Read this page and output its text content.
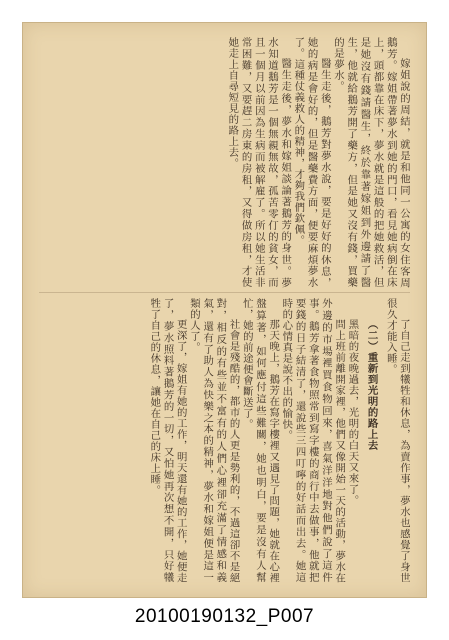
嫁姐說的周結，就是和他同一公寓的女住客周鵝芳。嫁姐帶著夢水到她的門口，看見她病倒在床上，頭都靠在床下，夢水就是這般的把她救活，但是她沒有錢請醫生，終於靠著嫁姐到外邊請了醫生，他就給鵝芳開了藥方，但是她又沒有錢，買藥的是夢水。

醫生走後，鵝芳對夢水說，要是好好的休息，她的病是會好的，但是醫藥費方面，便要麻煩夢水了。這種仗義救人的精神，才夠我們欽佩。

醫生走後，夢水和嫁姐談論著鵝芳的身世。夢水知道鵝芳是一個無親無故，孤苦零仃的貧女，而且一個月以前因為生病而被解雇了。所以她生活非常困難，又要趕二房東的房租，又得做房租，才使她走上自尋短見的路上去。

了自己走到犧牲和休息，為賣作事，夢水也感覺了身世很久才能入睡。

（二）重新到光明的路上去

黑暗的夜晚過去，光明的白天又來了。

問上班前離開家裡，他們又像開始一天的活動，夢水在外邊的市場裡買食物回來，喜氣洋洋地對他們說了這件事。鵝芳拿著食物照常到寫字樓的商行中去做事，他就把要錢的日子結清了，還說些三四叮嚀的好話而出去。她這時的心情真是說不出的愉快。

那天晚上，鵝芳在寫字樓裡又遇見了問題，她就在心裡盤算著，如何應付這些難關，她也明白，要是沒有人幫忙，她的前途便會斷送了。

社會是殘酷的，都市的人更是勢利的，不過這卻不是絕對，相反的有些並不富有的人們心裡卻充滿了情感和義氣，還有了助人為快樂之本的精神，夢水和嫁姐便是這一類的人了。

更深了，嫁姐有她的工作，明天還有她的工作，她便走了，夢水照料著鵝芳的一切，又怕她再次想不開，只好犧牲了自己的休息，讓她在自己的床上睡。

20100190132_P007
